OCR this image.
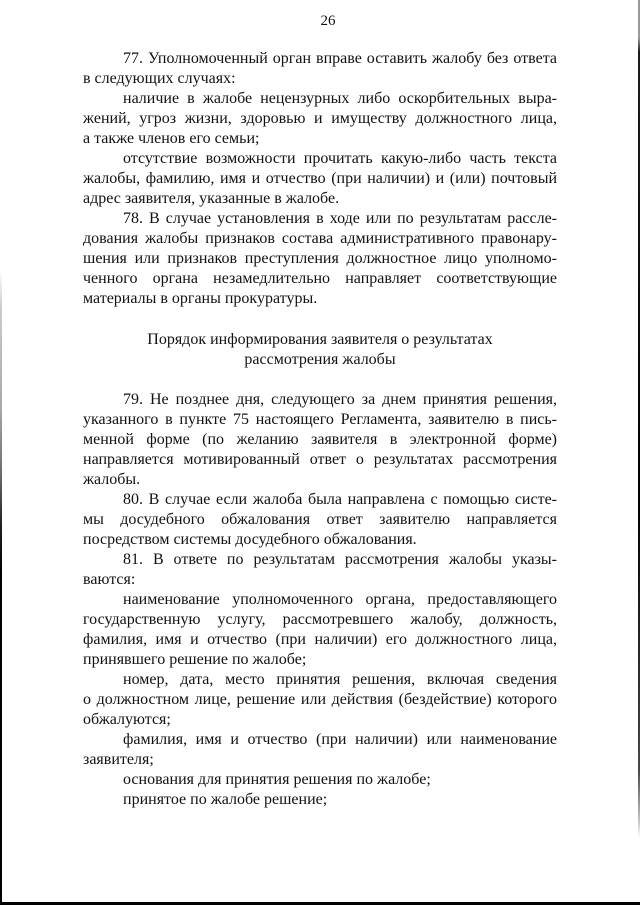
26
77. Уполномоченный орган вправе оставить жалобу без ответа
в следующих случаях:
наличие в жалобе нецензурных либо оскорбительных выра-
жений, угроз жизни, здоровью и имуществу должностного лица,
а также членов его семьи;
отсутствие возможности прочитать какую-либо часть текста
жалобы, фамилию, имя и отчество (при наличии) и (или) почтовый
адрес заявителя, указанные в жалобе.
78. В случае установления в ходе или по результатам рассле-
дования жалобы признаков состава административного правонару-
шения или признаков преступления должностное лицо уполномо-
ченного органа незамедлительно направляет соответствующие
материалы в органы прокуратуры.
Порядок информирования заявителя о результатах
рассмотрения жалобы
79. Не позднее дня, следующего за днем принятия решения,
указанного в пункте 75 настоящего Регламента, заявителю в пись-
менной форме (по желанию заявителя в электронной форме)
направляется мотивированный ответ о результатах рассмотрения
жалобы.
80. В случае если жалоба была направлена с помощью систе-
мы досудебного обжалования ответ заявителю направляется
посредством системы досудебного обжалования.
81. В ответе по результатам рассмотрения жалобы указы-
ваются:
наименование уполномоченного органа, предоставляющего
государственную услугу, рассмотревшего жалобу, должность,
фамилия, имя и отчество (при наличии) его должностного лица,
принявшего решение по жалобе;
номер, дата, место принятия решения, включая сведения
о должностном лице, решение или действия (бездействие) которого
обжалуются;
фамилия, имя и отчество (при наличии) или наименование
заявителя;
основания для принятия решения по жалобе;
принятое по жалобе решение;
